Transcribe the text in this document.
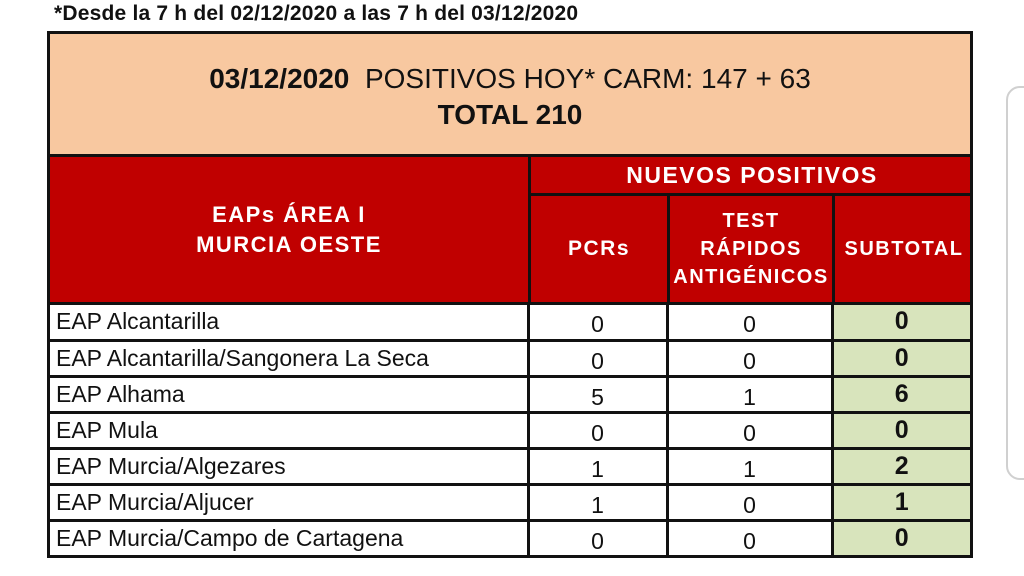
*Desde la 7 h del 02/12/2020 a las 7 h del 03/12/2020
03/12/2020 POSITIVOS HOY* CARM: 147 + 63
TOTAL 210
EAPs ÁREA I
MURCIA OESTE
NUEVOS POSITIVOS
PCRs
TEST
RÁPIDOS
ANTIGÉNICOS
SUBTOTAL
EAP Alcantarilla	0	0	0
EAP Alcantarilla/Sangonera La Seca	0	0	0
EAP Alhama	5	1	6
EAP Mula	0	0	0
EAP Murcia/Algezares	1	1	2
EAP Murcia/Aljucer	1	0	1
EAP Murcia/Campo de Cartagena	0	0	0
